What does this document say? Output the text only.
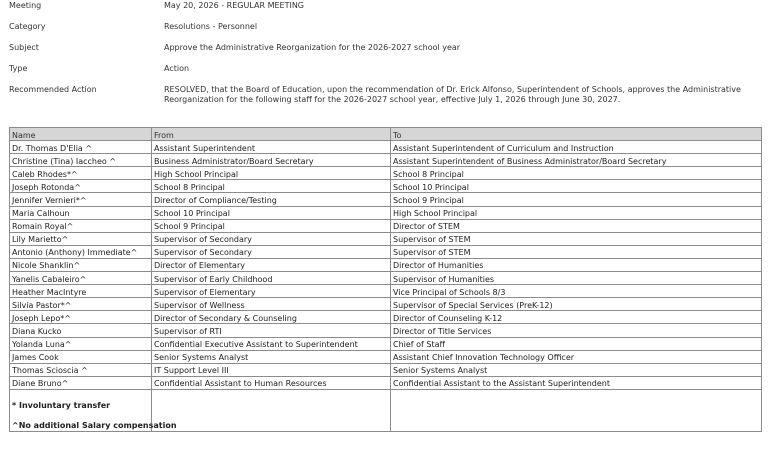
Meeting	May 20, 2026 - REGULAR MEETING
Category	Resolutions - Personnel
Subject	Approve the Administrative Reorganization for the 2026-2027 school year
Type	Action
Recommended Action	RESOLVED, that the Board of Education, upon the recommendation of Dr. Erick Alfonso, Superintendent of Schools, approves the Administrative Reorganization for the following staff for the 2026-2027 school year, effective July 1, 2026 through June 30, 2027.
Name	From	To
Dr. Thomas D'Elia ^	Assistant Superintendent	Assistant Superintendent of Curriculum and Instruction
Christine (Tina) Iaccheo ^	Business Administrator/Board Secretary	Assistant Superintendent of Business Administrator/Board Secretary
Caleb Rhodes*^	High School Principal	School 8 Principal
Joseph Rotonda^	School 8 Principal	School 10 Principal
Jennifer Vernieri*^	Director of Compliance/Testing	School 9 Principal
Maria Calhoun	School 10 Principal	High School Principal
Romain Royal^	School 9 Principal	Director of STEM
Lily Marietto^	Supervisor of Secondary	Supervisor of STEM
Antonio (Anthony) Immediate^	Supervisor of Secondary	Supervisor of STEM
Nicole Shanklin^	Director of Elementary	Director of Humanities
Yanelis Cabaleiro^	Supervisor of Early Childhood	Supervisor of Humanities
Heather MacIntyre	Supervisor of Elementary	Vice Principal of Schools 8/3
Silvia Pastor*^	Supervisor of Wellness	Supervisor of Special Services (PreK-12)
Joseph Lepo*^	Director of Secondary & Counseling	Director of Counseling K-12
Diana Kucko	Supervisor of RTI	Director of Title Services
Yolanda Luna^	Confidential Executive Assistant to Superintendent	Chief of Staff
James Cook	Senior Systems Analyst	Assistant Chief Innovation Technology Officer
Thomas Scioscia ^	IT Support Level III	Senior Systems Analyst
Diane Bruno^	Confidential Assistant to Human Resources	Confidential Assistant to the Assistant Superintendent

* Involuntary transfer
^No additional Salary compensation		
